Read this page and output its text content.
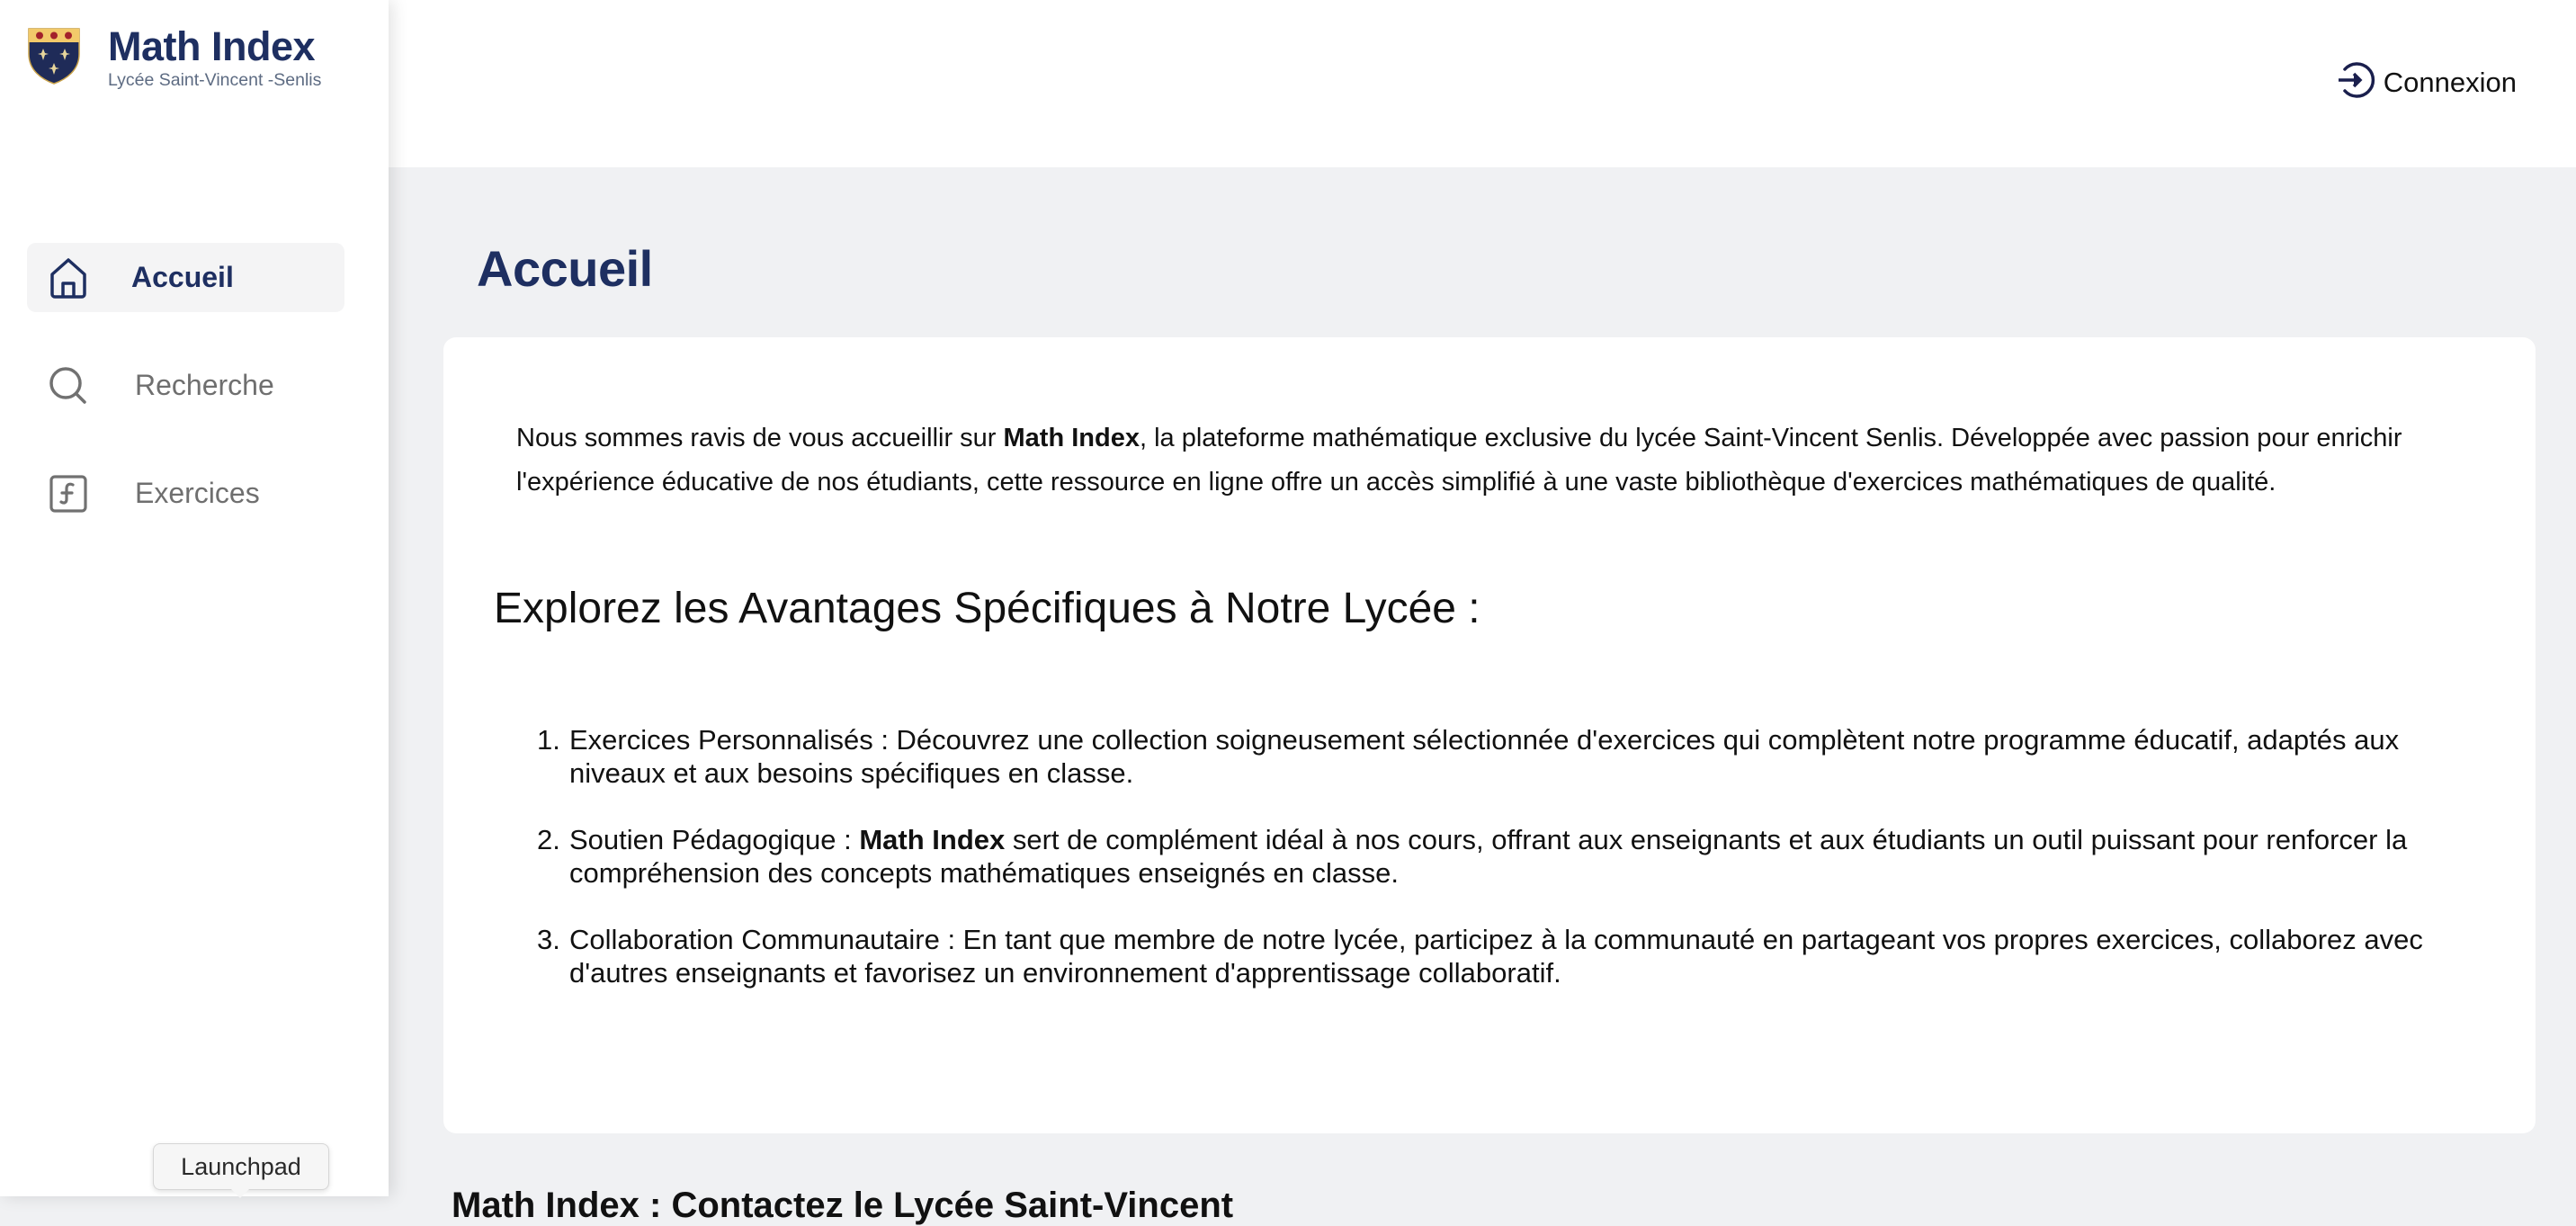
Math Index
Lycée Saint-Vincent -Senlis
Accueil
Recherche
Exercices
Launchpad
Connexion
Accueil

Nous sommes ravis de vous accueillir sur Math Index, la plateforme mathématique exclusive du lycée Saint-Vincent Senlis. Développée avec passion pour enrichir l'expérience éducative de nos étudiants, cette ressource en ligne offre un accès simplifié à une vaste bibliothèque d'exercices mathématiques de qualité.

Explorez les Avantages Spécifiques à Notre Lycée :
1. Exercices Personnalisés : Découvrez une collection soigneusement sélectionnée d'exercices qui complètent notre programme éducatif, adaptés aux niveaux et aux besoins spécifiques en classe.
2. Soutien Pédagogique : Math Index sert de complément idéal à nos cours, offrant aux enseignants et aux étudiants un outil puissant pour renforcer la compréhension des concepts mathématiques enseignés en classe.
3. Collaboration Communautaire : En tant que membre de notre lycée, participez à la communauté en partageant vos propres exercices, collaborez avec d'autres enseignants et favorisez un environnement d'apprentissage collaboratif.
Math Index : Contactez le Lycée Saint-Vincent
